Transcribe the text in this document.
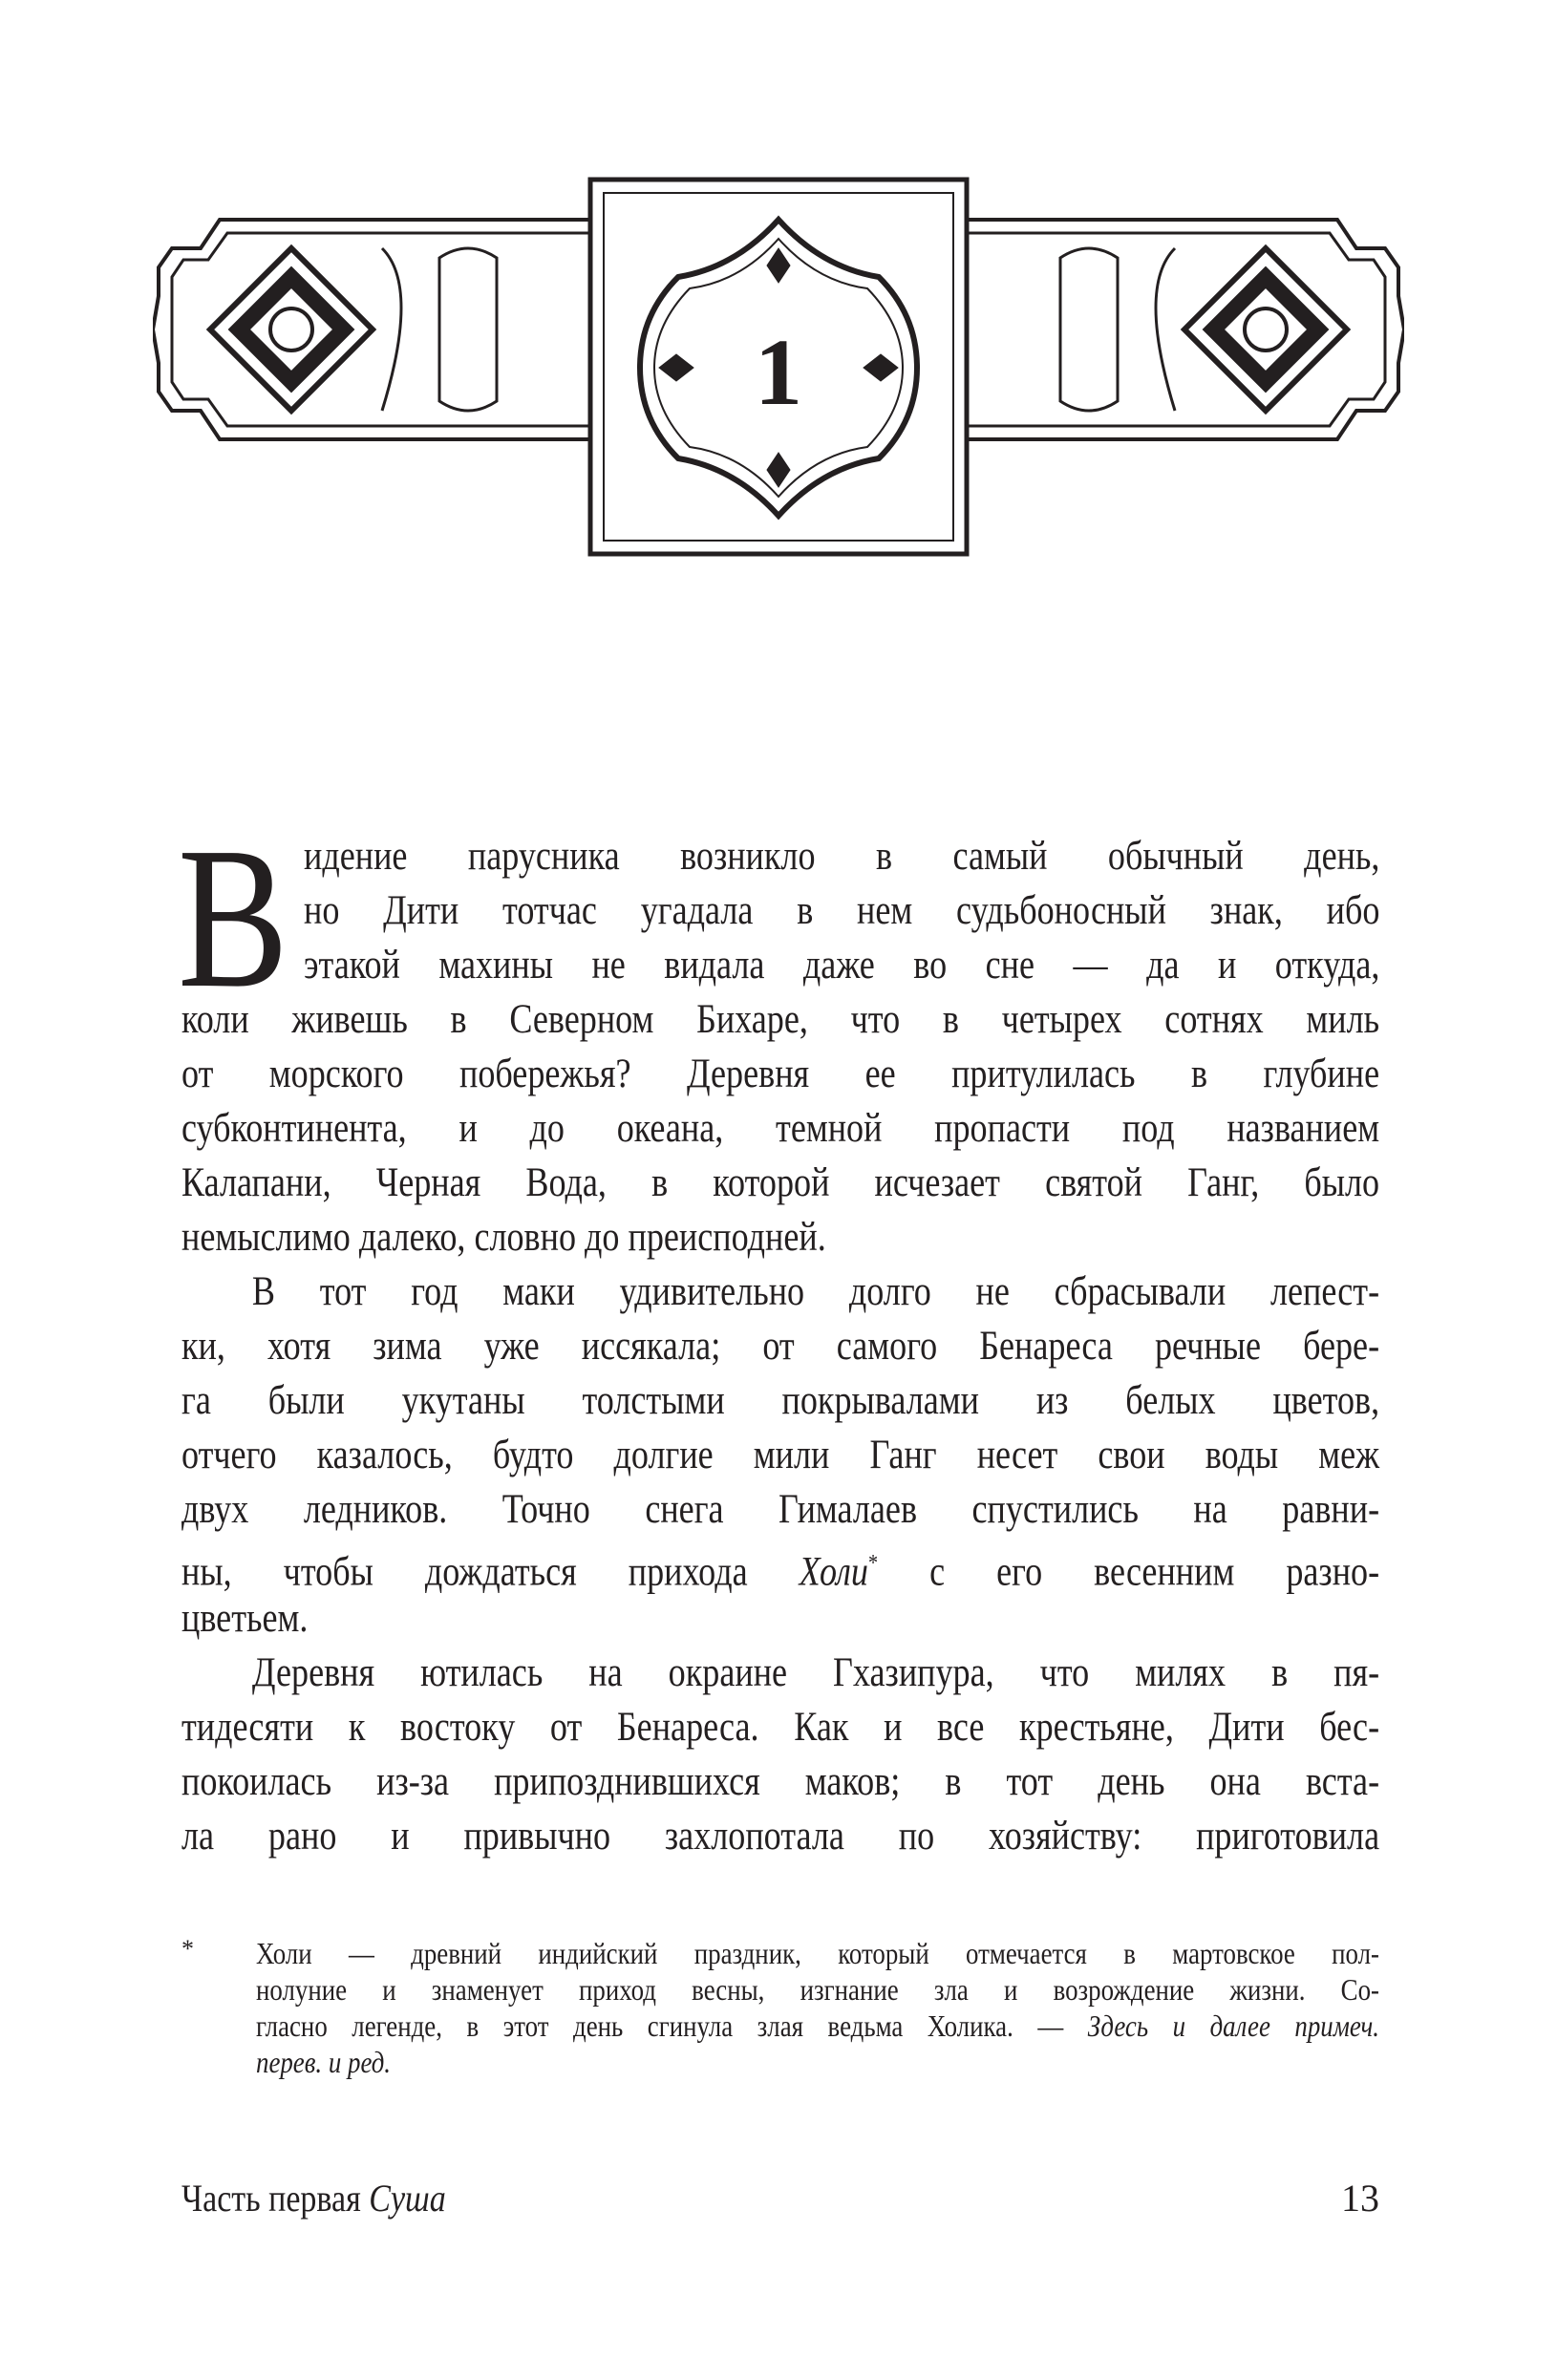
1
В идение парусника возникло в самый обычный день,
но Дити тотчас угадала в нем судьбоносный знак, ибо
этакой махины не видала даже во сне — да и откуда,
коли живешь в Северном Бихаре, что в четырех сотнях миль
от морского побережья? Деревня ее притулилась в глубине
субконтинента, и до океана, темной пропасти под названием
Калапани, Черная Вода, в которой исчезает святой Ганг, было
немыслимо далеко, словно до преисподней.
В тот год маки удивительно долго не сбрасывали лепест-
ки, хотя зима уже иссякала; от самого Бенареса речные бере-
га были укутаны толстыми покрывалами из белых цветов,
отчего казалось, будто долгие мили Ганг несет свои воды меж
двух ледников. Точно снега Гималаев спустились на равни-
ны, чтобы дождаться прихода Холи* с его весенним разно-
цветьем.
Деревня ютилась на окраине Гхазипура, что милях в пя-
тидесяти к востоку от Бенареса. Как и все крестьяне, Дити бес-
покоилась из-за припозднившихся маков; в тот день она вста-
ла рано и привычно захлопотала по хозяйству: приготовила
* Холи — древний индийский праздник, который отмечается в мартовское пол-
нолуние и знаменует приход весны, изгнание зла и возрождение жизни. Со-
гласно легенде, в этот день сгинула злая ведьма Холика. — Здесь и далее примеч.
перев. и ред.
Часть первая Суша	13
